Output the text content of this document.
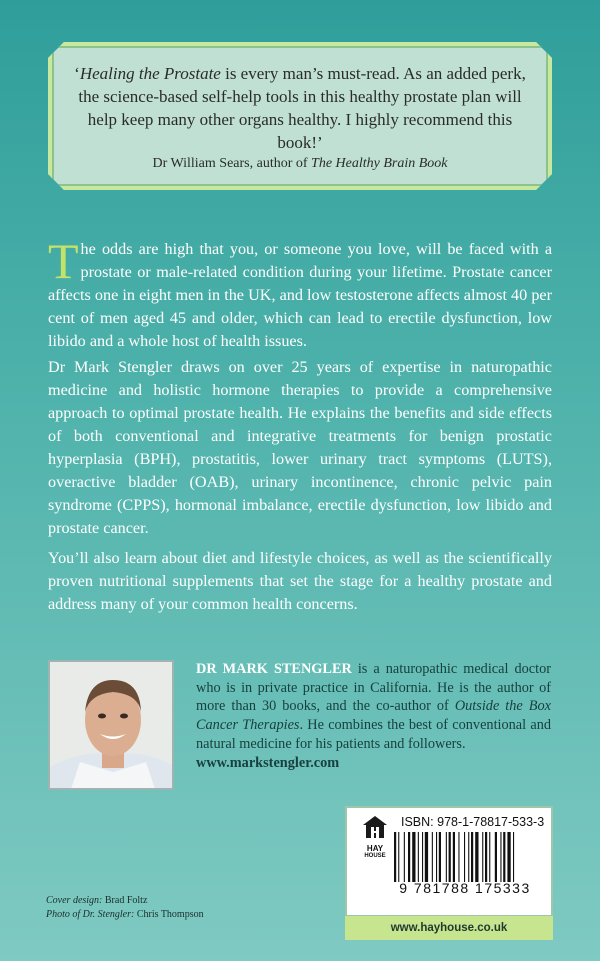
‘Healing the Prostate is every man’s must-read. As an added perk, the science-based self-help tools in this healthy prostate plan will help keep many other organs healthy. I highly recommend this book!’
Dr William Sears, author of The Healthy Brain Book
The odds are high that you, or someone you love, will be faced with a prostate or male-related condition during your lifetime. Prostate cancer affects one in eight men in the UK, and low testosterone affects almost 40 per cent of men aged 45 and older, which can lead to erectile dysfunction, low libido and a whole host of health issues.
Dr Mark Stengler draws on over 25 years of expertise in naturopathic medicine and holistic hormone therapies to provide a comprehensive approach to optimal prostate health. He explains the benefits and side effects of both conventional and integrative treatments for benign prostatic hyperplasia (BPH), prostatitis, lower urinary tract symptoms (LUTS), overactive bladder (OAB), urinary incontinence, chronic pelvic pain syndrome (CPPS), hormonal imbalance, erectile dysfunction, low libido and prostate cancer.
You’ll also learn about diet and lifestyle choices, as well as the scientifically proven nutritional supplements that set the stage for a healthy prostate and address many of your common health concerns.
DR MARK STENGLER is a naturopathic medical doctor who is in private practice in California. He is the author of more than 30 books, and the co-author of Outside the Box Cancer Therapies. He combines the best of conventional and natural medicine for his patients and followers.
www.markstengler.com
Cover design: Brad Foltz
Photo of Dr. Stengler: Chris Thompson
HAY
HOUSE
ISBN: 978-1-78817-533-3
9 781788 175333
www.hayhouse.co.uk
